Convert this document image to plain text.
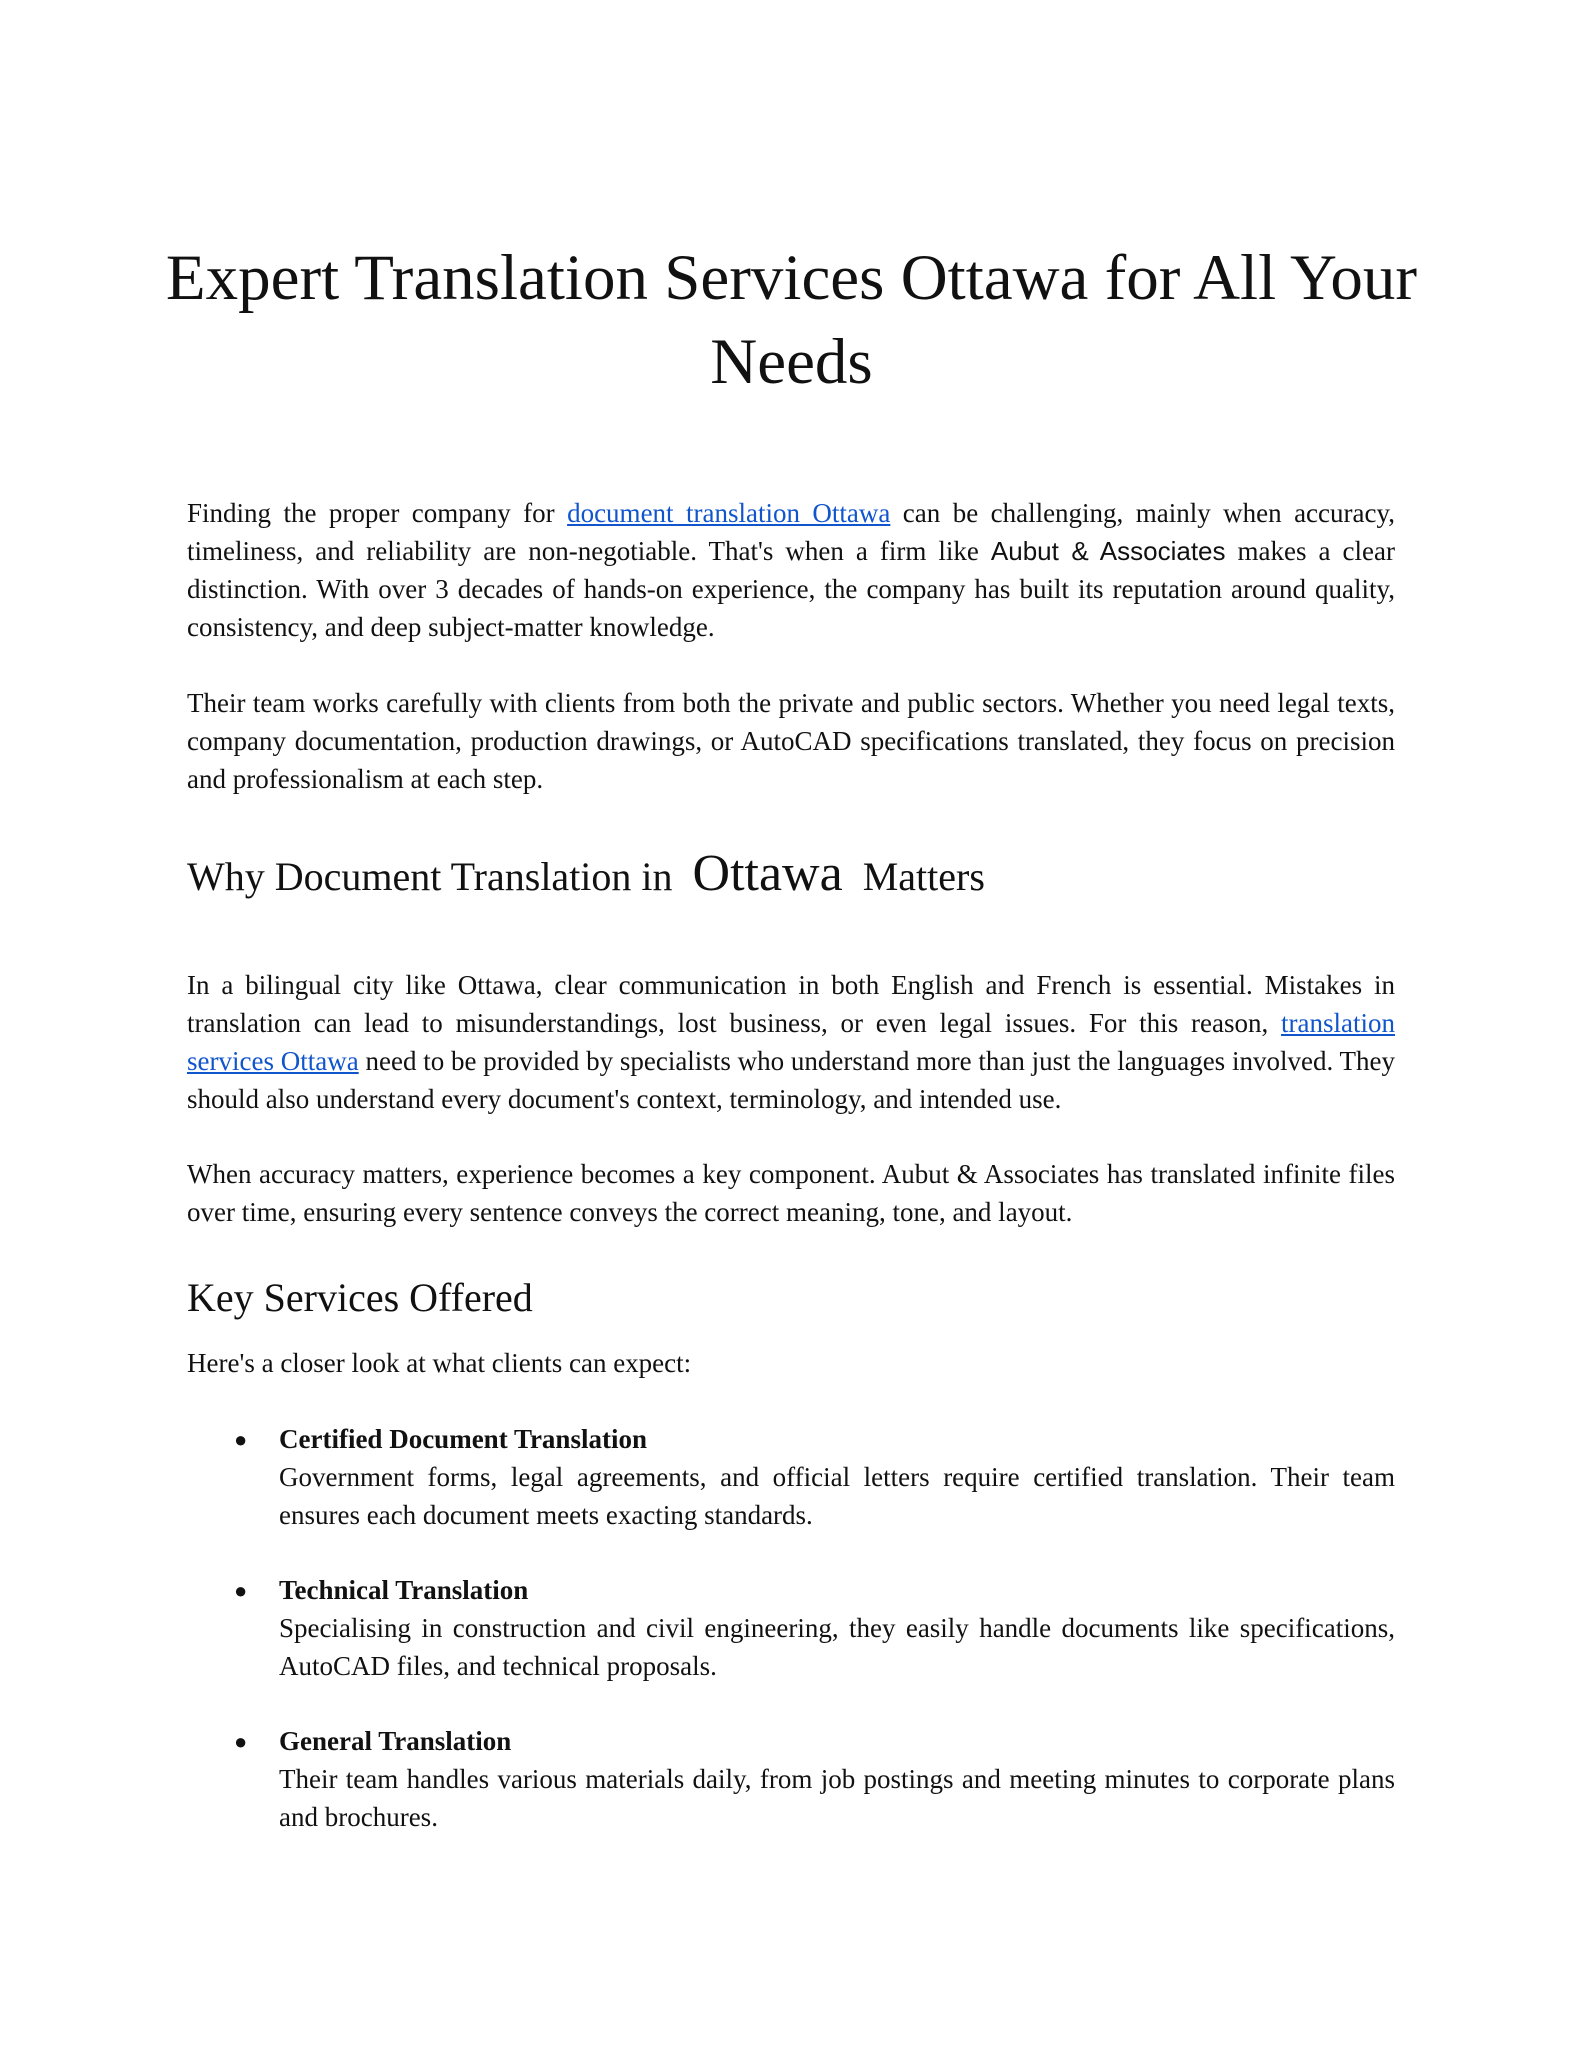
Expert Translation Services Ottawa for All Your Needs

Finding the proper company for document translation Ottawa can be challenging, mainly when accuracy, timeliness, and reliability are non-negotiable. That's when a firm like Aubut & Associates makes a clear distinction. With over 3 decades of hands-on experience, the company has built its reputation around quality, consistency, and deep subject-matter knowledge.

Their team works carefully with clients from both the private and public sectors. Whether you need legal texts, company documentation, production drawings, or AutoCAD specifications translated, they focus on precision and professionalism at each step.

Why Document Translation in Ottawa Matters

In a bilingual city like Ottawa, clear communication in both English and French is essential. Mistakes in translation can lead to misunderstandings, lost business, or even legal issues. For this reason, translation services Ottawa need to be provided by specialists who understand more than just the languages involved. They should also understand every document's context, terminology, and intended use.

When accuracy matters, experience becomes a key component. Aubut & Associates has translated infinite files over time, ensuring every sentence conveys the correct meaning, tone, and layout.

Key Services Offered

Here's a closer look at what clients can expect:

● Certified Document Translation
Government forms, legal agreements, and official letters require certified translation. Their team ensures each document meets exacting standards.
● Technical Translation
Specialising in construction and civil engineering, they easily handle documents like specifications, AutoCAD files, and technical proposals.
● General Translation
Their team handles various materials daily, from job postings and meeting minutes to corporate plans and brochures.
